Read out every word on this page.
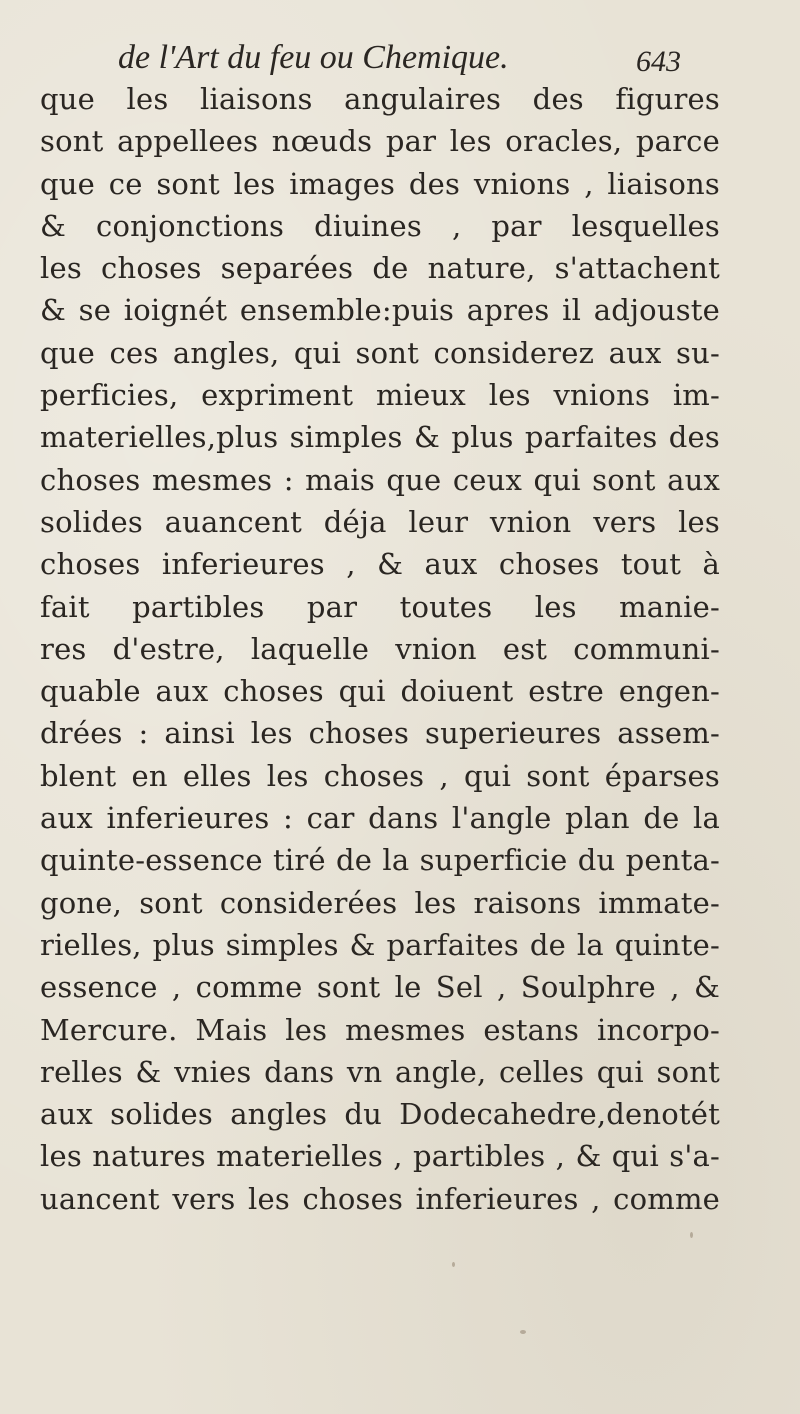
de l'Art du feu ou Chemique.	643
que les liaisons angulaires des figures
sont appellees nœuds par les oracles, parce
que ce sont les images des vnions , liaisons
& conjonctions diuines , par lesquelles
les choses separées de nature, s'attachent
& se ioignét ensemble:puis apres il adjouste
que ces angles, qui sont considerez aux su-
perficies, expriment mieux les vnions im-
materielles,plus simples & plus parfaites des
choses mesmes : mais que ceux qui sont aux
solides auancent déja leur vnion vers les
choses inferieures , & aux choses tout à
fait partibles par toutes les manie-
res d'estre, laquelle vnion est communi-
quable aux choses qui doiuent estre engen-
drées : ainsi les choses superieures assem-
blent en elles les choses , qui sont éparses
aux inferieures : car dans l'angle plan de la
quinte-essence tiré de la superficie du penta-
gone, sont considerées les raisons immate-
rielles, plus simples & parfaites de la quinte-
essence , comme sont le Sel , Soulphre , &
Mercure. Mais les mesmes estans incorpo-
relles & vnies dans vn angle, celles qui sont
aux solides angles du Dodecahedre,denotét
les natures materielles , partibles , & qui s'a-
uancent vers les choses inferieures , comme
